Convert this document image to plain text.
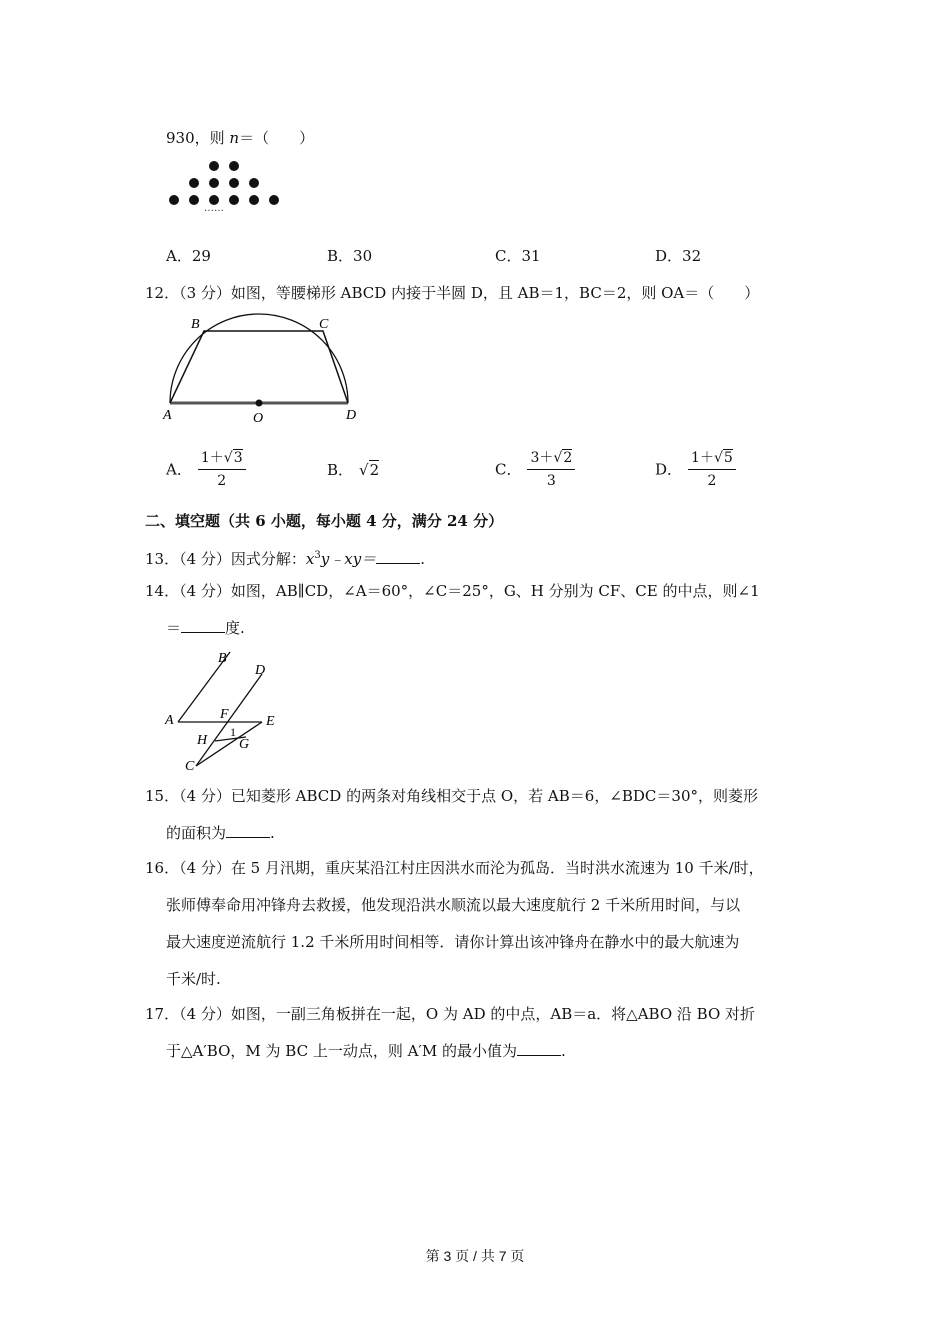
930，则 n＝（　　）
……
A．29	B．30	C．31	D．32
12．（3 分）如图，等腰梯形 ABCD 内接于半圆 D，且 AB＝1，BC＝2，则 OA＝（　　）
A
B	C
D
O
A． $\frac{1+√3}{2}$	B． √2	C． $\frac{3+√2}{3}$	D． $\frac{1+√5}{2}$
二、填空题（共 6 小题，每小题 4 分，满分 24 分）
13．（4 分）因式分解：$x^3y﹣xy=$	.
14．（4 分）如图，AB∥CD，∠A＝60°，∠C＝25°，G、H 分别为 CF、CE 的中点，则∠1
＝	度.
B
D
A	F	E
H
1
G
C
15．（4 分）已知菱形 ABCD 的两条对角线相交于点 O，若 AB＝6，∠BDC＝30°，则菱形
的面积为	.
16．（4 分）在 5 月汛期，重庆某沿江村庄因洪水而沦为孤岛．当时洪水流速为 10 千米/时，
张师傅奉命用冲锋舟去救援，他发现沿洪水顺流以最大速度航行 2 千米所用时间，与以
最大速度逆流航行 1.2 千米所用时间相等．请你计算出该冲锋舟在静水中的最大航速为
千米/时.
17．（4 分）如图，一副三角板拼在一起，O 为 AD 的中点，AB＝a．将△ABO 沿 BO 对折
于△A′BO，M 为 BC 上一动点，则 A′M 的最小值为	.
第 3 页 / 共 7 页
